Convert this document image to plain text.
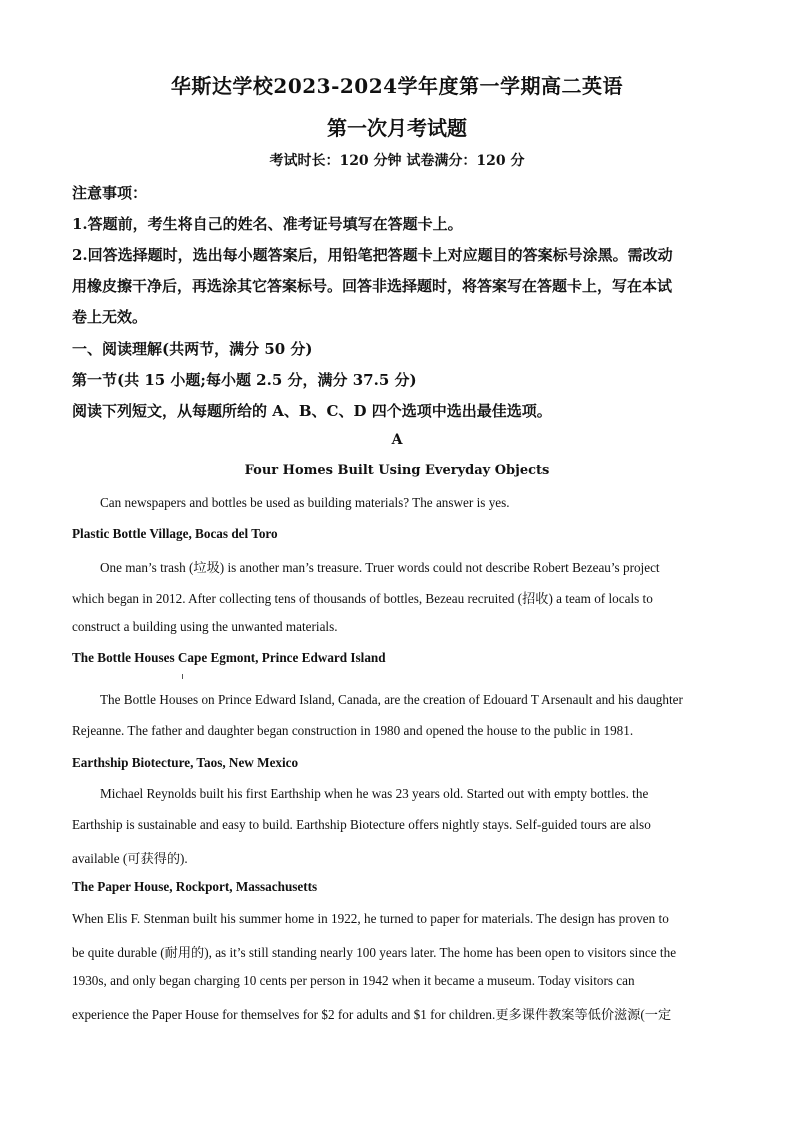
华斯达学校2023-2024学年度第一学期高二英语
第一次月考试题
考试时长：120 分钟 试卷满分：120 分
注意事项：
1.答题前，考生将自己的姓名、准考证号填写在答题卡上。
2.回答选择题时，选出每小题答案后，用铅笔把答题卡上对应题目的答案标号涂黑。需改动
用橡皮擦干净后，再选涂其它答案标号。回答非选择题时，将答案写在答题卡上，写在本试
卷上无效。
一、阅读理解(共两节，满分 50 分)
第一节(共 15 小题;每小题 2.5 分，满分 37.5 分)
阅读下列短文，从每题所给的 A、B、C、D 四个选项中选出最佳选项。
A
Four Homes Built Using Everyday Objects
Can newspapers and bottles be used as building materials? The answer is yes.
Plastic Bottle Village, Bocas del Toro
One man’s trash (垃圾) is another man’s treasure. Truer words could not describe Robert Bezeau’s project
which began in 2012. After collecting tens of thousands of bottles, Bezeau recruited (招收) a team of locals to
construct a building using the unwanted materials.
The Bottle Houses Cape Egmont, Prince Edward Island
The Bottle Houses on Prince Edward Island, Canada, are the creation of Edouard T Arsenault and his daughter
Rejeanne. The father and daughter began construction in 1980 and opened the house to the public in 1981.
Earthship Biotecture, Taos, New Mexico
Michael Reynolds built his first Earthship when he was 23 years old. Started out with empty bottles. the
Earthship is sustainable and easy to build. Earthship Biotecture offers nightly stays. Self-guided tours are also
available (可获得的).
The Paper House, Rockport, Massachusetts
When Elis F. Stenman built his summer home in 1922, he turned to paper for materials. The design has proven to
be quite durable (耐用的), as it’s still standing nearly 100 years later. The home has been open to visitors since the
1930s, and only began charging 10 cents per person in 1942 when it became a museum. Today visitors can
experience the Paper House for themselves for $2 for adults and $1 for children.更多课件教案等低价滋源(一定
